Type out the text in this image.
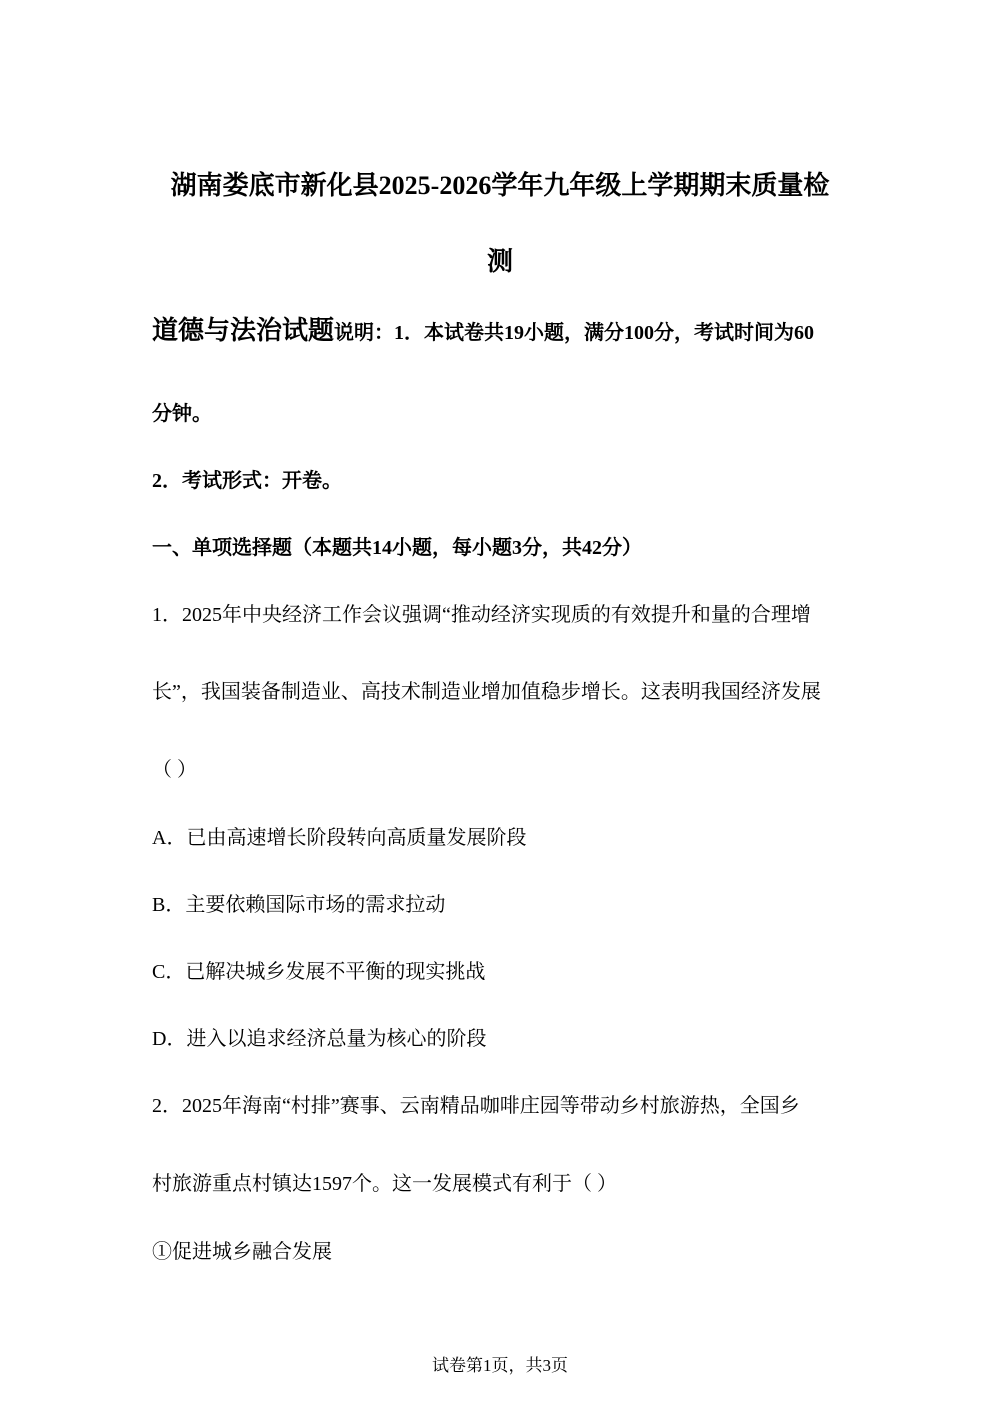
湖南娄底市新化县2025-2026学年九年级上学期期末质量检
测
道德与法治试题说明：1．本试卷共19小题，满分100分，考试时间为60
分钟。
2．考试形式：开卷。
一、单项选择题（本题共14小题，每小题3分，共42分）
1．2025年中央经济工作会议强调“推动经济实现质的有效提升和量的合理增
长”，我国装备制造业、高技术制造业增加值稳步增长。这表明我国经济发展
（ ）
A．已由高速增长阶段转向高质量发展阶段
B．主要依赖国际市场的需求拉动
C．已解决城乡发展不平衡的现实挑战
D．进入以追求经济总量为核心的阶段
2．2025年海南“村排”赛事、云南精品咖啡庄园等带动乡村旅游热，全国乡
村旅游重点村镇达1597个。这一发展模式有利于（ ）
①促进城乡融合发展
试卷第1页，共3页
